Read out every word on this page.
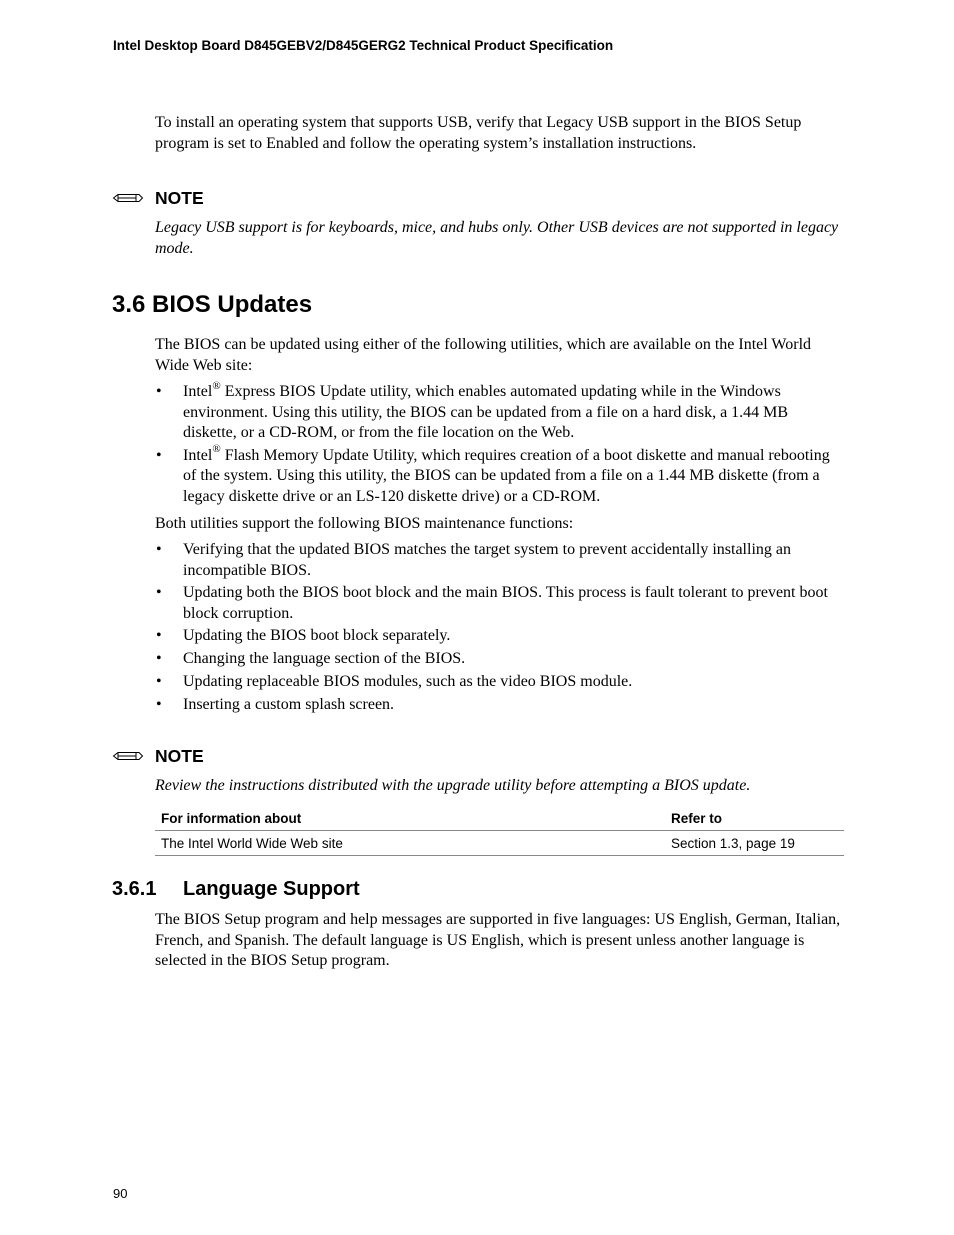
Intel Desktop Board D845GEBV2/D845GERG2 Technical Product Specification

To install an operating system that supports USB, verify that Legacy USB support in the BIOS Setup program is set to Enabled and follow the operating system’s installation instructions.

NOTE

Legacy USB support is for keyboards, mice, and hubs only. Other USB devices are not supported in legacy mode.

3.6 BIOS Updates

The BIOS can be updated using either of the following utilities, which are available on the Intel World Wide Web site:

• Intel® Express BIOS Update utility, which enables automated updating while in the Windows environment. Using this utility, the BIOS can be updated from a file on a hard disk, a 1.44 MB diskette, or a CD-ROM, or from the file location on the Web.
• Intel® Flash Memory Update Utility, which requires creation of a boot diskette and manual rebooting of the system. Using this utility, the BIOS can be updated from a file on a 1.44 MB diskette (from a legacy diskette drive or an LS-120 diskette drive) or a CD-ROM.

Both utilities support the following BIOS maintenance functions:

• Verifying that the updated BIOS matches the target system to prevent accidentally installing an incompatible BIOS.
• Updating both the BIOS boot block and the main BIOS. This process is fault tolerant to prevent boot block corruption.
• Updating the BIOS boot block separately.
• Changing the language section of the BIOS.
• Updating replaceable BIOS modules, such as the video BIOS module.
• Inserting a custom splash screen.
NOTE

Review the instructions distributed with the upgrade utility before attempting a BIOS update.

For information about	Refer to
The Intel World Wide Web site	Section 1.3, page 19
3.6.1 Language Support

The BIOS Setup program and help messages are supported in five languages: US English, German, Italian, French, and Spanish. The default language is US English, which is present unless another language is selected in the BIOS Setup program.

90
